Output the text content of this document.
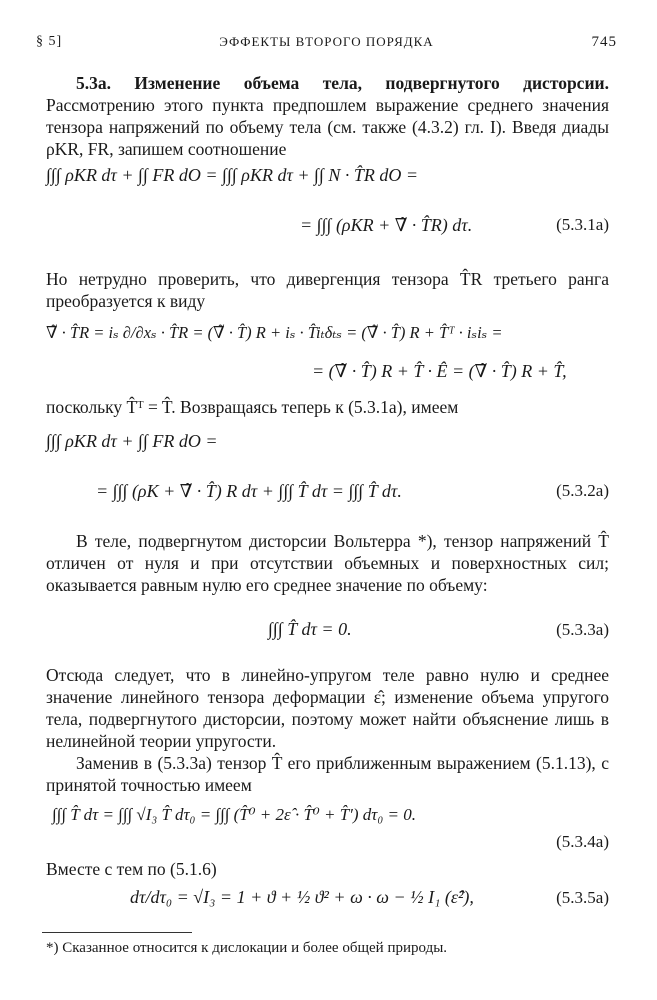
§ 5]	ЭФФЕКТЫ ВТОРОГО ПОРЯДКА	745
5.3а. Изменение объема тела, подвергнутого дисторсии. Рассмотрению этого пункта предпошлем выражение среднего значения тензора напряжений по объему тела (см. также (4.3.2) гл. I). Введя диады ρKR, FR, запишем соотношение
∫∫∫ ρKR dτ + ∫∫ FR dO = ∫∫∫ ρKR dτ + ∫∫ N · T̂R dO =
= ∫∫∫ (ρKR + ∇̃ · T̂R) dτ.	(5.3.1а)
Но нетрудно проверить, что дивергенция тензора T̂R третьего ранга преобразуется к виду
∇̃ · T̂R = iₛ ∂/∂xₛ · T̂R = (∇̃ · T̂) R + iₛ · T̂iₜδₜₛ = (∇̃ · T̂) R + T̂ᵀ · iₛiₛ =
= (∇̃ · T̂) R + T̂ · Ê = (∇̃ · T̂) R + T̂,
поскольку T̂ᵀ = T̂. Возвращаясь теперь к (5.3.1а), имеем
∫∫∫ ρKR dτ + ∫∫ FR dO =
= ∫∫∫ (ρK + ∇̃ · T̂) R dτ + ∫∫∫ T̂ dτ = ∫∫∫ T̂ dτ.	(5.3.2а)
В теле, подвергнутом дисторсии Вольтерра *), тензор напряжений T̂ отличен от нуля и при отсутствии объемных и поверхностных сил; оказывается равным нулю его среднее значение по объему:
∫∫∫ T̂ dτ = 0.	(5.3.3а)
Отсюда следует, что в линейно-упругом теле равно нулю и среднее значение линейного тензора деформации ε̂; изменение объема упругого тела, подвергнутого дисторсии, поэтому может найти объяснение лишь в нелинейной теории упругости.
Заменив в (5.3.3а) тензор T̂ его приближенным выражением (5.1.13), с принятой точностью имеем
∫∫∫ T̂ dτ = ∫∫∫ √I₃ T̂ dτ₀ = ∫∫∫ (T̂⁰ + 2ε̂ · T̂⁰ + T̂′) dτ₀ = 0.
(5.3.4а)
Вместе с тем по (5.1.6)
dτ/dτ₀ = √I₃ = 1 + ϑ + ½ ϑ² + ω · ω − ½ I₁ (ε̂²),	(5.3.5а)
*) Сказанное относится к дислокации и более общей природы.
